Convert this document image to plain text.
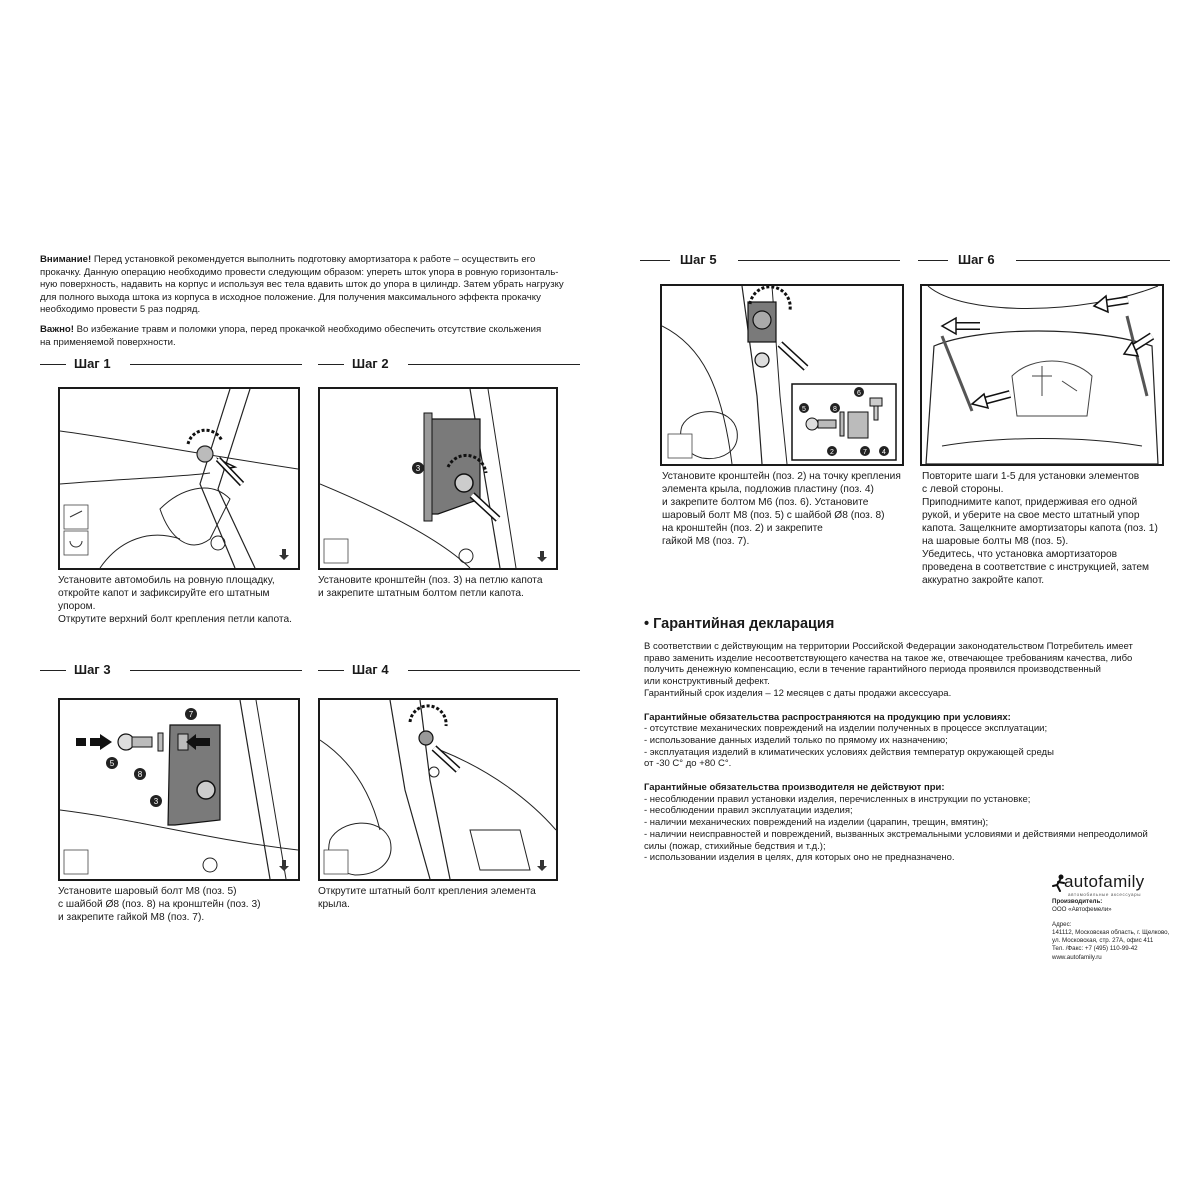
Внимание! Перед установкой рекомендуется выполнить подготовку амортизатора к работе – осуществить его
прокачку. Данную операцию необходимо провести следующим образом: упереть шток упора в ровную горизонталь-
ную поверхность, надавить на корпус и используя вес тела вдавить шток до упора в цилиндр. Затем убрать нагрузку
для полного выхода штока из корпуса в исходное положение. Для получения максимального эффекта прокачку
необходимо провести 5 раз подряд.
Важно! Во избежание травм и поломки упора, перед прокачкой необходимо обеспечить отсутствие скольжения
на применяемой поверхности.
Шаг 1
Установите автомобиль на ровную площадку,
откройте капот и зафиксируйте его штатным
упором.
Открутите верхний болт крепления петли капота.
Шаг 2
3
Установите кронштейн (поз. 3) на петлю капота
и закрепите штатным болтом петли капота.
Шаг 3
5
8
7
3
Установите шаровый болт М8 (поз. 5)
с шайбой Ø8 (поз. 8) на кронштейн (поз. 3)
и закрепите гайкой М8 (поз. 7).
Шаг 4
Открутите штатный болт крепления элемента
крыла.
Шаг 5
6
5	8
2	7 4
Установите кронштейн (поз. 2) на точку крепления
элемента крыла, подложив пластину (поз. 4)
и закрепите болтом М6 (поз. 6). Установите
шаровый болт М8 (поз. 5) с шайбой Ø8 (поз. 8)
на кронштейн (поз. 2) и закрепите
гайкой М8 (поз. 7).
Шаг 6
Повторите шаги 1-5 для установки элементов
с левой стороны.
Приподнимите капот, придерживая его одной
рукой, и уберите на свое место штатный упор
капота. Защелкните амортизаторы капота (поз. 1)
на шаровые болты М8 (поз. 5).
Убедитесь, что установка амортизаторов
проведена в соответствие с инструкцией, затем
аккуратно закройте капот.
• Гарантийная декларация
В соответствии с действующим на территории Российской Федерации законодательством Потребитель имеет
право заменить изделие несоответствующего качества на такое же, отвечающее требованиям качества, либо
получить денежную компенсацию, если в течение гарантийного периода проявился производственный
или конструктивный дефект.
Гарантийный срок изделия – 12 месяцев с даты продажи аксессуара.
Гарантийные обязательства распространяются на продукцию при условиях:
- отсутствие механических повреждений на изделии полученных в процессе эксплуатации;
- использование данных изделий только по прямому их назначению;
- эксплуатация изделий в климатических условиях действия температур окружающей среды
от -30 С° до +80 С°.
Гарантийные обязательства производителя не действуют при:
- несоблюдении правил установки изделия, перечисленных в инструкции по установке;
- несоблюдении правил эксплуатации изделия;
- наличии механических повреждений на изделии (царапин, трещин, вмятин);
- наличии неисправностей и повреждений, вызванных экстремальными условиями и действиями непреодолимой
силы (пожар, стихийные бедствия и т.д.);
- использовании изделия в целях, для которых оно не предназначено.
autofamily
автомобильные аксессуары
Производитель:
ООО «Автофемели»
Адрес:
141112, Московская область, г. Щелково,
ул. Московская, стр. 27А, офис 411
Тел. /Факс: +7 (495) 110-99-42
www.autofamily.ru
